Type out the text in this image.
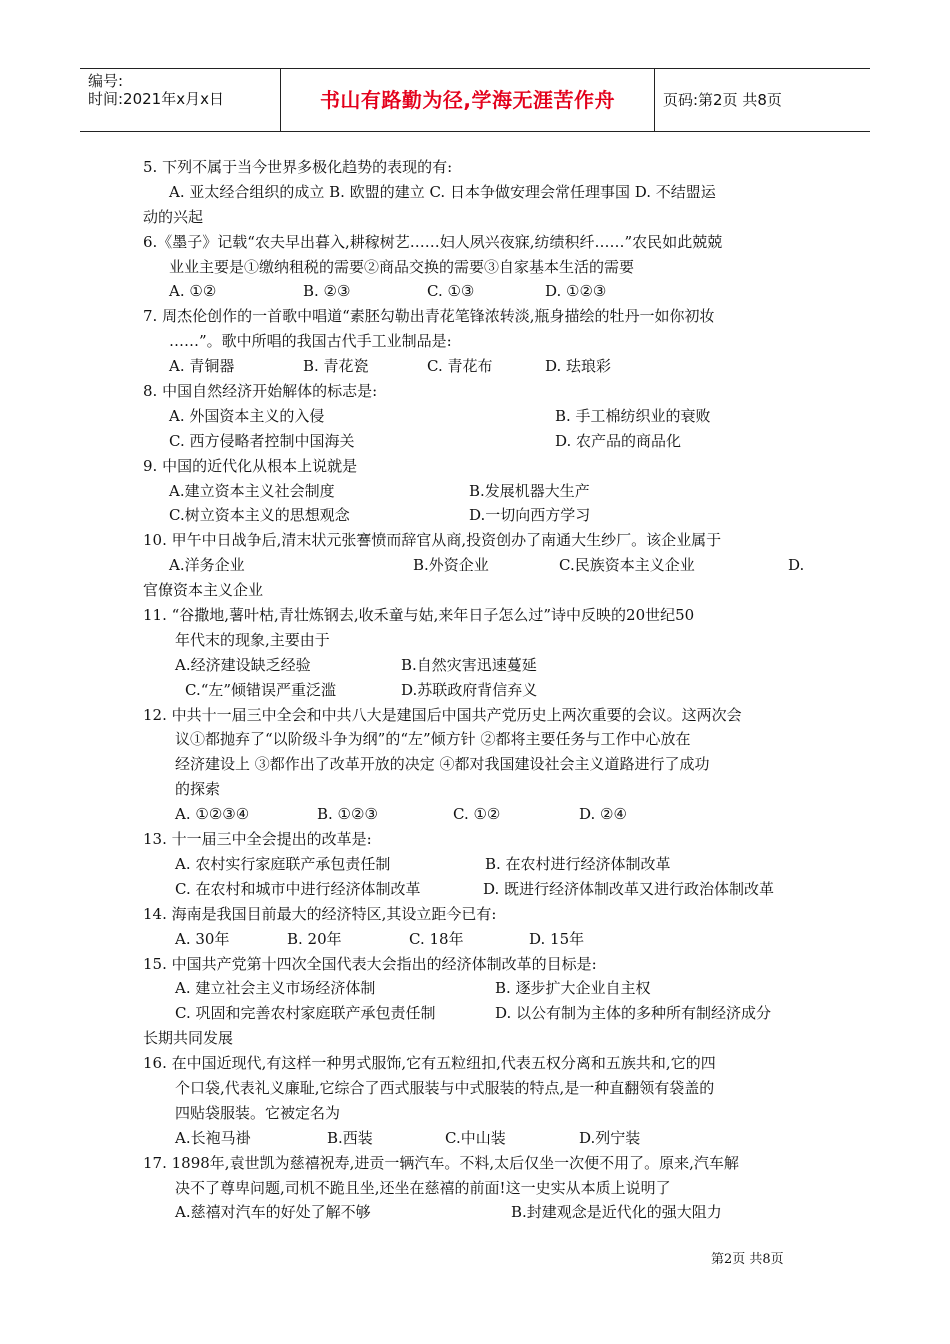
编号:
时间:2021年x月x日	书山有路勤为径,学海无涯苦作舟	页码:第2页 共8页
5. 下列不属于当今世界多极化趋势的表现的有:
A. 亚太经合组织的成立 B. 欧盟的建立 C. 日本争做安理会常任理事国 D. 不结盟运
动的兴起
6.《墨子》记载“农夫早出暮入,耕稼树艺……妇人夙兴夜寐,纺绩积纤……”农民如此兢兢
业业主要是①缴纳租税的需要②商品交换的需要③自家基本生活的需要
A. ①②	B. ②③	C. ①③	D. ①②③
7. 周杰伦创作的一首歌中唱道“素胚勾勒出青花笔锋浓转淡,瓶身描绘的牡丹一如你初妆
……”。歌中所唱的我国古代手工业制品是:
A. 青铜器	B. 青花瓷	C. 青花布	D. 珐琅彩
8. 中国自然经济开始解体的标志是:
A. 外国资本主义的入侵	B. 手工棉纺织业的衰败
C. 西方侵略者控制中国海关	D. 农产品的商品化
9. 中国的近代化从根本上说就是
A.建立资本主义社会制度	B.发展机器大生产
C.树立资本主义的思想观念	D.一切向西方学习
10. 甲午中日战争后,清末状元张謇愤而辞官从商,投资创办了南通大生纱厂。该企业属于
A.洋务企业	B.外资企业	C.民族资本主义企业	D.
官僚资本主义企业
11. “谷撒地,薯叶枯,青壮炼钢去,收禾童与姑,来年日子怎么过”诗中反映的20世纪50
年代末的现象,主要由于
A.经济建设缺乏经验	B.自然灾害迅速蔓延
C.“左”倾错误严重泛滥	D.苏联政府背信弃义
12. 中共十一届三中全会和中共八大是建国后中国共产党历史上两次重要的会议。这两次会
议①都抛弃了“以阶级斗争为纲”的“左”倾方针 ②都将主要任务与工作中心放在
经济建设上 ③都作出了改革开放的决定 ④都对我国建设社会主义道路进行了成功
的探索
A. ①②③④	B. ①②③	C. ①②	D. ②④
13. 十一届三中全会提出的改革是:
A. 农村实行家庭联产承包责任制	B. 在农村进行经济体制改革
C. 在农村和城市中进行经济体制改革	D. 既进行经济体制改革又进行政治体制改革
14. 海南是我国目前最大的经济特区,其设立距今已有:
A. 30年	B. 20年	C. 18年	D. 15年
15. 中国共产党第十四次全国代表大会指出的经济体制改革的目标是:
A. 建立社会主义市场经济体制	B. 逐步扩大企业自主权
C. 巩固和完善农村家庭联产承包责任制	D. 以公有制为主体的多种所有制经济成分
长期共同发展
16. 在中国近现代,有这样一种男式服饰,它有五粒纽扣,代表五权分离和五族共和,它的四
个口袋,代表礼义廉耻,它综合了西式服装与中式服装的特点,是一种直翻领有袋盖的
四贴袋服装。它被定名为
A.长袍马褂	B.西装	C.中山装	D.列宁装
17. 1898年,袁世凯为慈禧祝寿,进贡一辆汽车。不料,太后仅坐一次便不用了。原来,汽车解
决不了尊卑问题,司机不跪且坐,还坐在慈禧的前面!这一史实从本质上说明了
A.慈禧对汽车的好处了解不够	B.封建观念是近代化的强大阻力
第2页 共8页
